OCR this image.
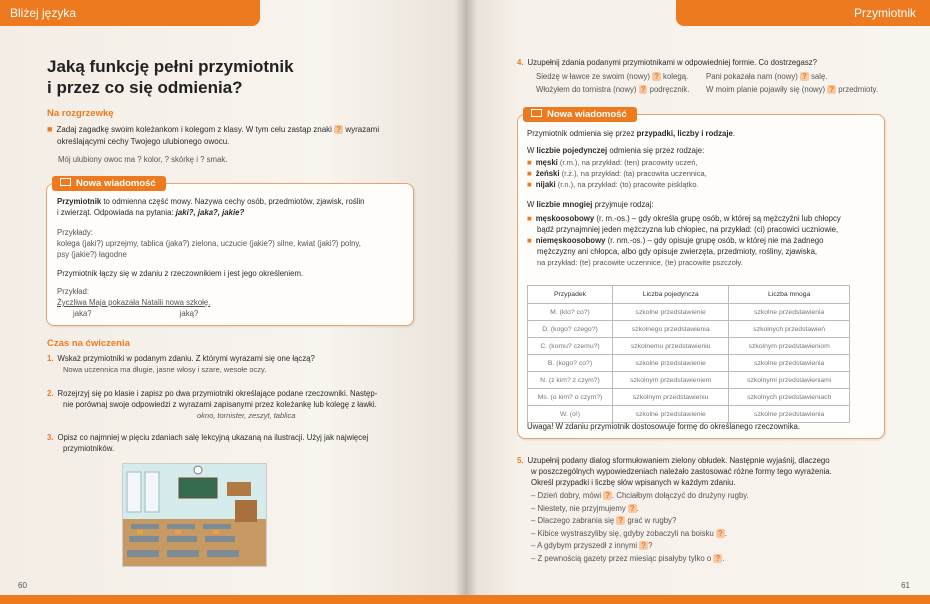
Bliżej języka
Jaką funkcję pełni przymiotnik
i przez co się odmienia?
Na rozgrzewkę
■ Zadaj zagadkę swoim koleżankom i kolegom z klasy. W tym celu zastąp znaki ? wyrazami
określającymi cechy Twojego ulubionego owocu.
Mój ulubiony owoc ma ? kolor, ? skórkę i ? smak.
Nowa wiadomość
Przymiotnik to odmienna część mowy. Nazywa cechy osób, przedmiotów, zjawisk, roślin
i zwierząt. Odpowiada na pytania: jaki?, jaka?, jakie?
Przykłady:
kolega (jaki?) uprzejmy, tablica (jaka?) zielona, uczucie (jakie?) silne, kwiat (jaki?) polny,
psy (jakie?) łagodne
Przymiotnik łączy się w zdaniu z rzeczownikiem i jest jego określeniem.
Przykład:
Życzliwa Maja pokazała Natalii nowa szkołę.
jaka?	jaką?
Czas na ćwiczenia
1. Wskaż przymiotniki w podanym zdaniu. Z którymi wyrazami się one łączą?
Nowa uczennica ma długie, jasne włosy i szare, wesołe oczy.
2. Rozejrzyj się po klasie i zapisz po dwa przymiotniki określające podane rzeczowniki. Następ-
nie porównaj swoje odpowiedzi z wyrazami zapisanymi przez koleżankę lub kolegę z ławki.
okno, tornister, zeszyt, tablica
3. Opisz co najmniej w pięciu zdaniach salę lekcyjną ukazaną na ilustracji. Użyj jak najwięcej
przymiotników.
60
Przymiotnik
4. Uzupełnij zdania podanymi przymiotnikami w odpowiedniej formie. Co dostrzegasz?
Siedzę w ławce ze swoim (nowy) ? kolegą. Pani pokazała nam (nowy) ? salę.
Włożyłem do tornistra (nowy) ? podręcznik. W moim planie pojawiły się (nowy) ? przedmioty.
Nowa wiadomość
Przymiotnik odmienia się przez przypadki, liczby i rodzaje.
W liczbie pojedynczej odmienia się przez rodzaje:
■ męski (r.m.), na przykład: (ten) pracowity uczeń,
■ żeński (r.ż.), na przykład: (ta) pracowita uczennica,
■ nijaki (r.n.), na przykład: (to) pracowite pisklątko.
W liczbie mnogiej przyjmuje rodzaj:
■ męskoosobowy (r. m.-os.) – gdy określa grupę osób, w której są mężczyźni lub chłopcy
bądź przynajmniej jeden mężczyzna lub chłopiec, na przykład: (ci) pracowici uczniowie,
■ niemęskoosobowy (r. nm.-os.) – gdy opisuje grupę osób, w której nie ma żadnego
mężczyzny ani chłopca, albo gdy opisuje zwierzęta, przedmioty, rośliny, zjawiska,
na przykład: (te) pracowite uczennice, (te) pracowite pszczoły.
Uwaga! W zdaniu przymiotnik dostosowuje formę do określanego rzeczownika.
5. Uzupełnij podany dialog sformułowaniem zielony obłudek. Następnie wyjaśnij, dlaczego
w poszczególnych wypowiedzeniach należało zastosować różne formy tego wyrażenia.
Określ przypadki i liczbę słów wpisanych w każdym zdaniu.
– Dzień dobry, mówi ? . Chciałbym dołączyć do drużyny rugby.
– Niestety, nie przyjmujemy ? .
– Dlaczego zabrania się ? grać w rugby?
– Kibice wystraszyliby się, gdyby zobaczyli na boisku ? .
– A gdybym przyszedł z innymi ? ?
– Z pewnością gazety przez miesiąc pisałyby tylko o ? .
61
Przypadek	Liczba pojedyncza	Liczba mnoga
M. (kto? co?)	szkolne przedstawienie	szkolne przedstawienia
D. (kogo? czego?)	szkolnego przedstawienia	szkolnych przedstawień
C. (komu? czemu?)	szkolnemu przedstawieniu	szkolnym przedstawieniom
B. (kogo? co?)	szkolne przedstawienie	szkolne przedstawienia
N. (z kim? z czym?)	szkolnym przedstawieniem	szkolnymi przedstawieniami
Ms. (o kim? o czym?)	szkolnym przedstawieniu	szkolnych przedstawieniach
W. (o!)	szkolne przedstawienie	szkolne przedstawienia
